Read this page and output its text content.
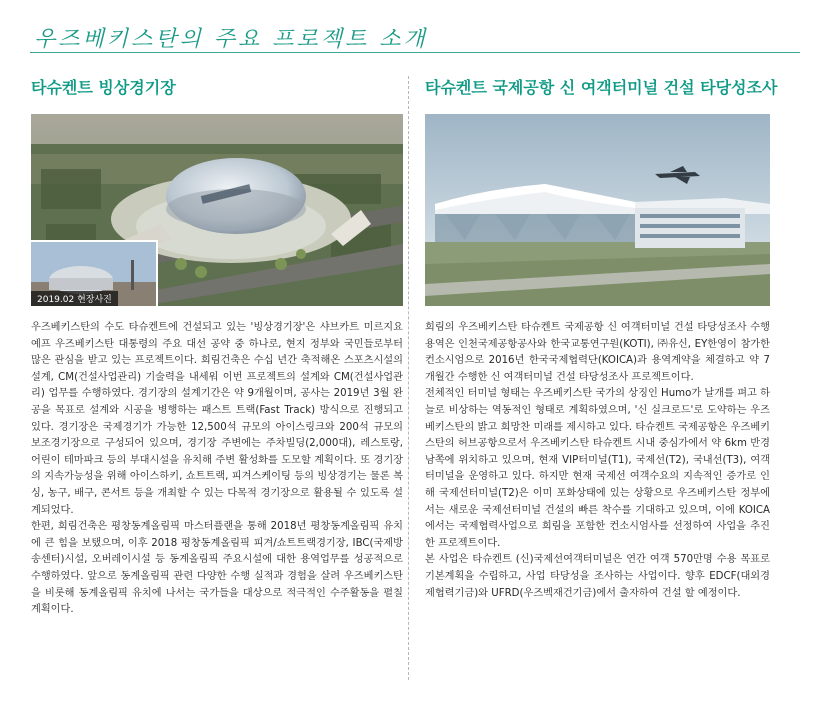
우즈베키스탄의 주요 프로젝트 소개
타슈켄트 빙상경기장
2019.02 현장사진

우즈베키스탄의 수도 타슈켄트에 건설되고 있는 '빙상경기장'은 샤브카트 미르지요예프 우즈베키스탄 대통령의 주요 대선 공약 중 하나로, 현지 정부와 국민들로부터 많은 관심을 받고 있는 프로젝트이다. 희림건축은 수십 년간 축적해온 스포츠시설의 설계, CM(건설사업관리) 기술력을 내세워 이번 프로젝트의 설계와 CM(건설사업관리) 업무를 수행하였다. 경기장의 설계기간은 약 9개월이며, 공사는 2019년 3월 완공을 목표로 설계와 시공을 병행하는 패스트 트랙(Fast Track) 방식으로 진행되고 있다. 경기장은 국제경기가 가능한 12,500석 규모의 아이스링크와 200석 규모의 보조경기장으로 구성되어 있으며, 경기장 주변에는 주차빌딩(2,000대), 레스토랑, 어린이 테마파크 등의 부대시설을 유치해 주변 활성화를 도모할 계획이다. 또 경기장의 지속가능성을 위해 아이스하키, 쇼트트랙, 피겨스케이팅 등의 빙상경기는 물론 복싱, 농구, 배구, 콘서트 등을 개최할 수 있는 다목적 경기장으로 활용될 수 있도록 설계되었다.

한편, 희림건축은 평창동계올림픽 마스터플랜을 통해 2018년 평창동계올림픽 유치에 큰 힘을 보탰으며, 이후 2018 평창동계올림픽 피겨/쇼트트랙경기장, IBC(국제방송센터)시설, 오버레이시설 등 동계올림픽 주요시설에 대한 용역업무를 성공적으로 수행하였다. 앞으로 동계올림픽 관련 다양한 수행 실적과 경험을 살려 우즈베키스탄을 비롯해 동계올림픽 유치에 나서는 국가들을 대상으로 적극적인 수주활동을 펼칠 계획이다.

타슈켄트 국제공항 신 여객터미널 건설 타당성조사

희림의 우즈베키스탄 타슈켄트 국제공항 신 여객터미널 건설 타당성조사 수행 용역은 인천국제공항공사와 한국교통연구원(KOTI), ㈜유신, EY한영이 참가한 컨소시엄으로 2016년 한국국제협력단(KOICA)과 용역계약을 체결하고 약 7개월간 수행한 신 여객터미널 건설 타당성조사 프로젝트이다.

전체적인 터미널 형태는 우즈베키스탄 국가의 상징인 Humo가 날개를 펴고 하늘로 비상하는 역동적인 형태로 계획하였으며, '신 실크로드'로 도약하는 우즈베키스탄의 밝고 희망찬 미래를 제시하고 있다. 타슈켄트 국제공항은 우즈베키스탄의 허브공항으로서 우즈베키스탄 타슈켄트 시내 중심가에서 약 6km 반경 남쪽에 위치하고 있으며, 현재 VIP터미널(T1), 국제선(T2), 국내선(T3), 여객터미널을 운영하고 있다. 하지만 현재 국제선 여객수요의 지속적인 증가로 인해 국제선터미널(T2)은 이미 포화상태에 있는 상황으로 우즈베키스탄 정부에서는 새로운 국제선터미널 건설의 빠른 착수를 기대하고 있으며, 이에 KOICA에서는 국제협력사업으로 희림을 포함한 컨소시엄사를 선정하여 사업을 추진한 프로젝트이다.

본 사업은 타슈켄트 (신)국제선여객터미널은 연간 여객 570만명 수용 목표로 기본계획을 수립하고, 사업 타당성을 조사하는 사업이다. 향후 EDCF(대외경제협력기금)와 UFRD(우즈벡재건기금)에서 출자하여 건설 할 예정이다.
